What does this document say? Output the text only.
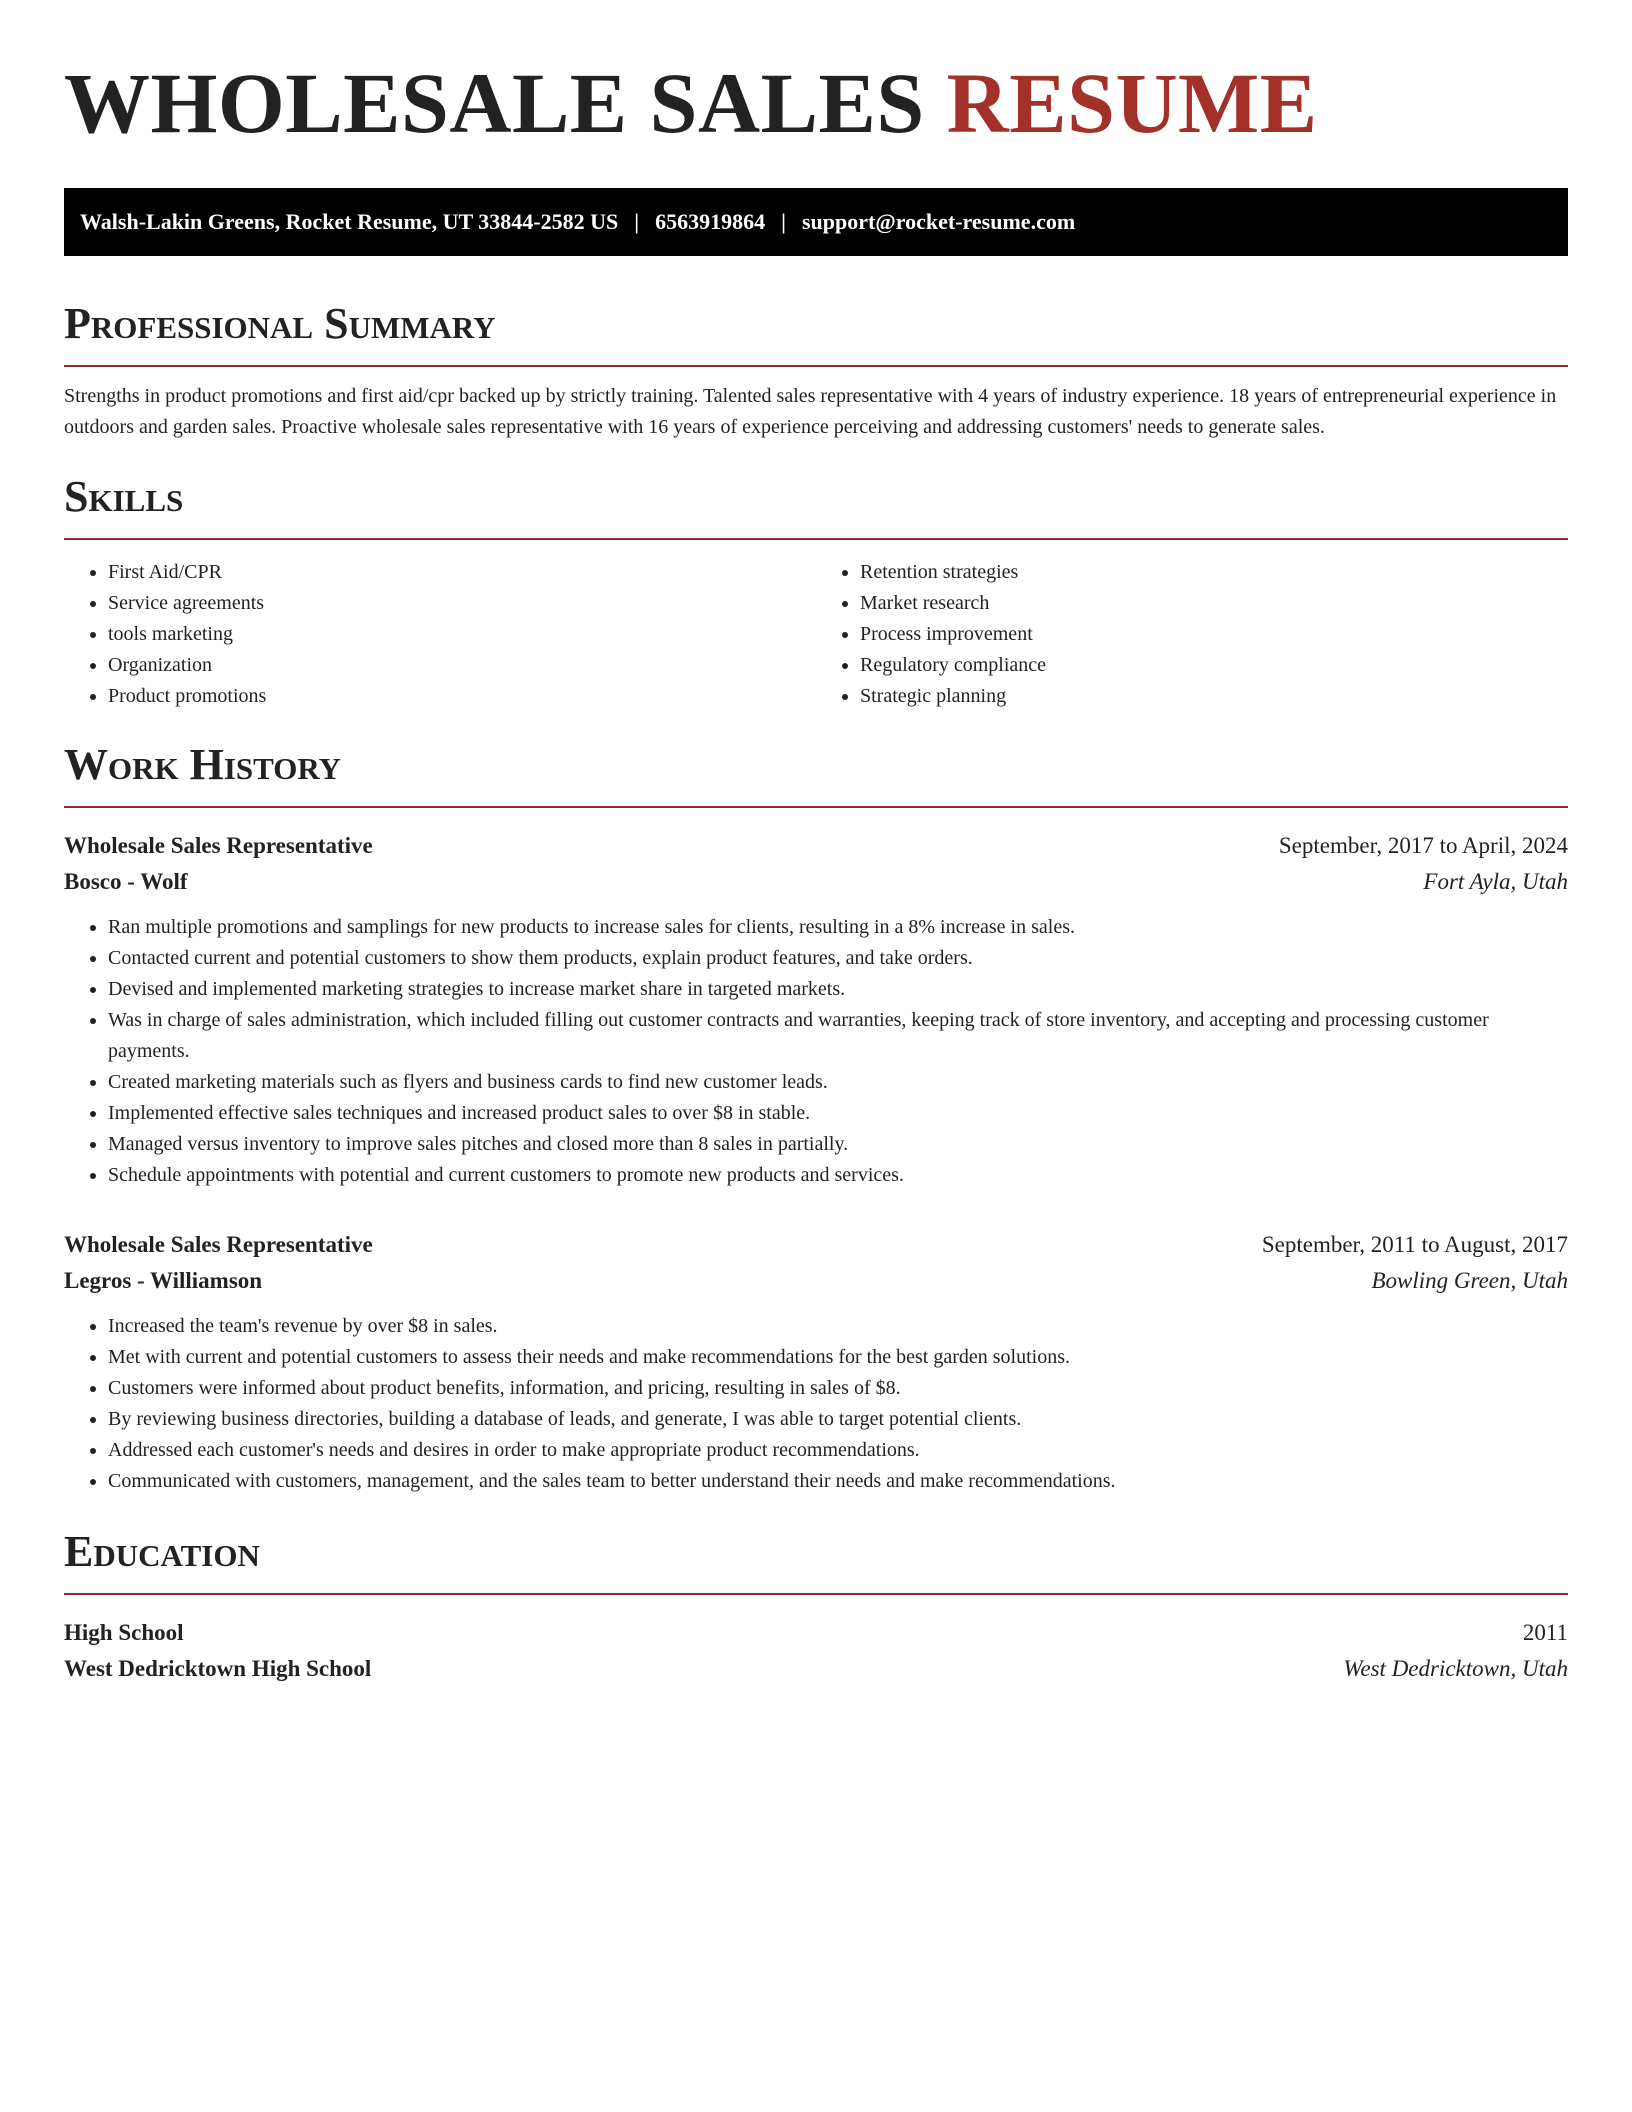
WHOLESALE SALES RESUME
Walsh-Lakin Greens, Rocket Resume, UT 33844-2582 US | 6563919864 | support@rocket-resume.com
Professional Summary

Strengths in product promotions and first aid/cpr backed up by strictly training. Talented sales representative with 4 years of industry experience. 18 years of entrepreneurial experience in outdoors and garden sales. Proactive wholesale sales representative with 16 years of experience perceiving and addressing customers' needs to generate sales.

Skills
• First Aid/CPR
• Service agreements
• tools marketing
• Organization
• Product promotions
• Retention strategies
• Market research
• Process improvement
• Regulatory compliance
• Strategic planning
Work History
Wholesale Sales Representative	September, 2017 to April, 2024
Bosco - Wolf	Fort Ayla, Utah
• Ran multiple promotions and samplings for new products to increase sales for clients, resulting in a 8% increase in sales.
• Contacted current and potential customers to show them products, explain product features, and take orders.
• Devised and implemented marketing strategies to increase market share in targeted markets.
• Was in charge of sales administration, which included filling out customer contracts and warranties, keeping track of store inventory, and accepting and processing customer payments.
• Created marketing materials such as flyers and business cards to find new customer leads.
• Implemented effective sales techniques and increased product sales to over $8 in stable.
• Managed versus inventory to improve sales pitches and closed more than 8 sales in partially.
• Schedule appointments with potential and current customers to promote new products and services.
Wholesale Sales Representative	September, 2011 to August, 2017
Legros - Williamson	Bowling Green, Utah
• Increased the team's revenue by over $8 in sales.
• Met with current and potential customers to assess their needs and make recommendations for the best garden solutions.
• Customers were informed about product benefits, information, and pricing, resulting in sales of $8.
• By reviewing business directories, building a database of leads, and generate, I was able to target potential clients.
• Addressed each customer's needs and desires in order to make appropriate product recommendations.
• Communicated with customers, management, and the sales team to better understand their needs and make recommendations.
Education
High School	2011
West Dedricktown High School	West Dedricktown, Utah
